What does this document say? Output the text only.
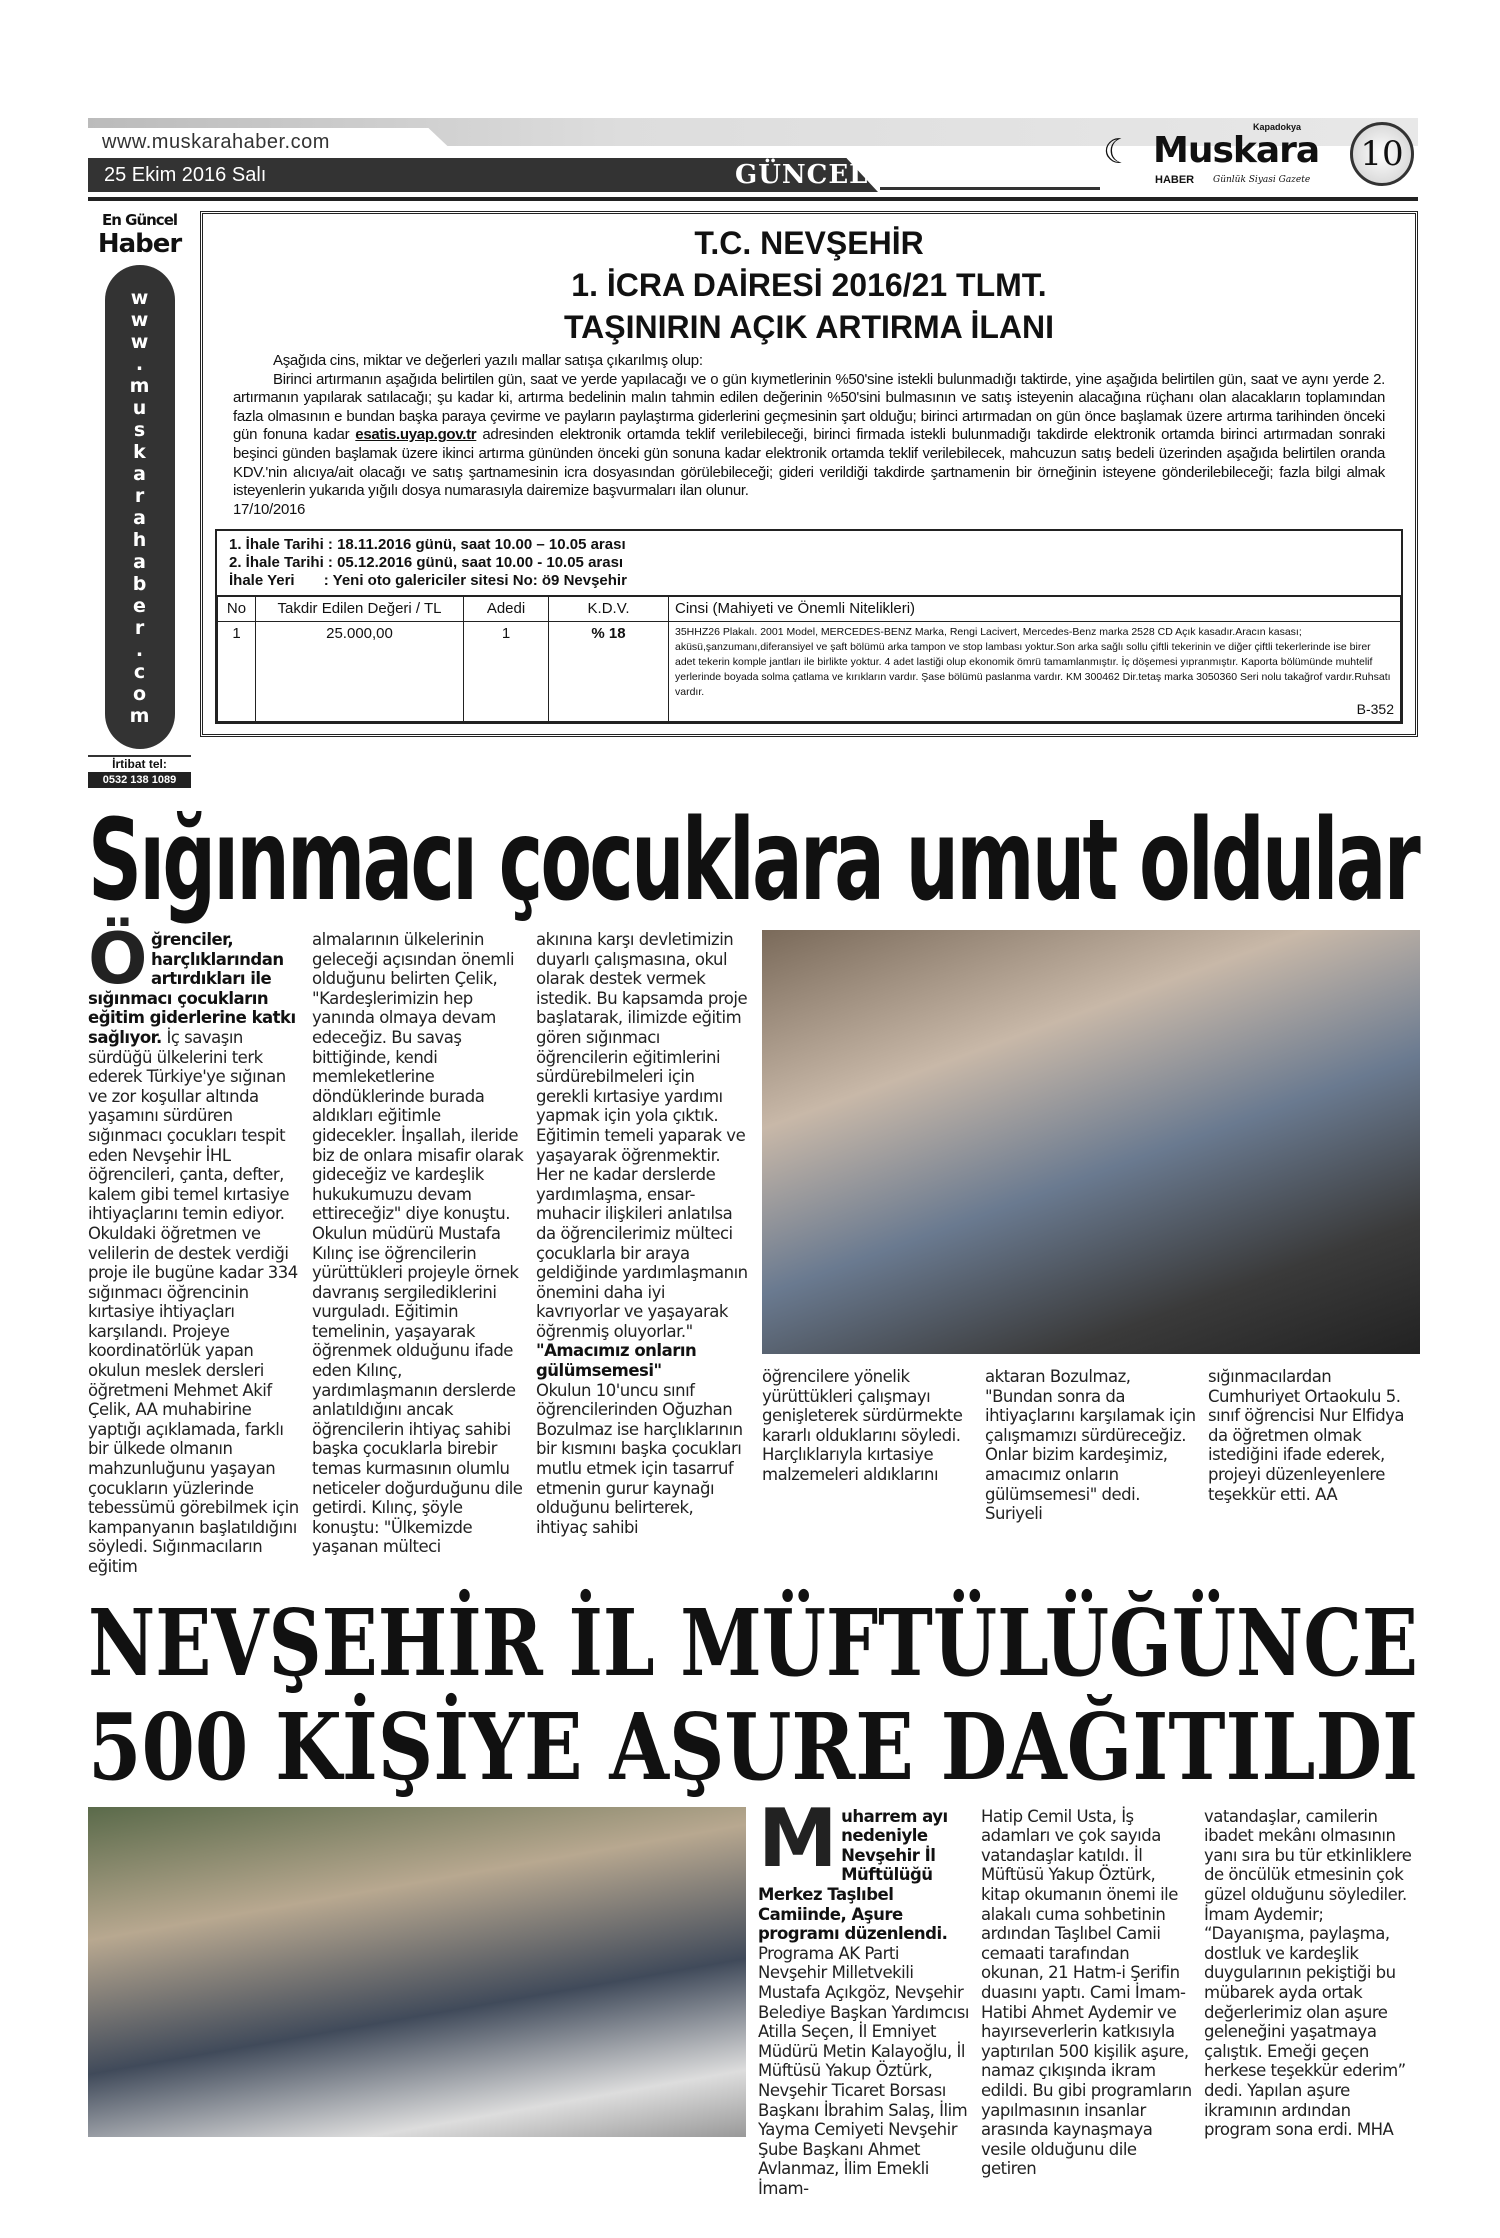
www.muskarahaber.com
25 Ekim 2016 Salı	GÜNCEL
☾
Kapadokya
Muskara
HABER Günlük Siyasi Gazete
10
En Güncel
Haber
www.muskarahaber.com
İrtibat tel:
0532 138 1089
T.C. NEVŞEHİR
1. İCRA DAİRESİ 2016/21 TLMT.
TAŞINIRIN AÇIK ARTIRMA İLANI

Aşağıda cins, miktar ve değerleri yazılı mallar satışa çıkarılmış olup:

Birinci artırmanın aşağıda belirtilen gün, saat ve yerde yapılacağı ve o gün kıymetlerinin %50'sine istekli bulunmadığı taktirde, yine aşağıda belirtilen gün, saat ve aynı yerde 2. artırmanın yapılarak satılacağı; şu kadar ki, artırma bedelinin malın tahmin edilen değerinin %50'sini bulmasının ve satış isteyenin alacağına rüçhanı olan alacakların toplamından fazla olmasının e bundan başka paraya çevirme ve payların paylaştırma giderlerini geçmesinin şart olduğu; birinci artırmadan on gün önce başlamak üzere artırma tarihinden önceki gün fonuna kadar esatis.uyap.gov.tr adresinden elektronik ortamda teklif verilebileceği, birinci firmada istekli bulunmadığı takdirde elektronik ortamda birinci artırmadan sonraki beşinci günden başlamak üzere ikinci artırma gününden önceki gün sonuna kadar elektronik ortamda teklif verilebilecek, mahcuzun satış bedeli üzerinden aşağıda belirtilen oranda KDV.'nin alıcıya/ait olacağı ve satış şartnamesinin icra dosyasından görülebileceği; gideri verildiği takdirde şartnamenin bir örneğinin isteyene gönderilebileceği; fazla bilgi almak isteyenlerin yukarıda yığılı dosya numarasıyla dairemize başvurmaları ilan olunur.

17/10/2016
1. İhale Tarihi : 18.11.2016 günü, saat 10.00 – 10.05 arası
2. İhale Tarihi : 05.12.2016 günü, saat 10.00 - 10.05 arası
İhale Yeri       : Yeni oto galericiler sitesi No: ö9 Nevşehir
No	Takdir Edilen Değeri / TL	Adedi	K.D.V.	Cinsi (Mahiyeti ve Önemli Nitelikleri)
1	25.000,00	1	% 18	35HHZ26 Plakalı. 2001 Model, MERCEDES-BENZ Marka, Rengi Lacivert, Mercedes-Benz marka 2528 CD Açık kasadır.Aracın kasası; aküsü,şanzumanı,diferansiyel ve şaft bölümü arka tampon ve stop lambası yoktur.Son arka sağlı sollu çiftli tekerinin ve diğer çiftli tekerlerinde ise birer adet tekerin komple jantları ile birlikte yoktur. 4 adet lastiği olup ekonomik ömrü tamamlanmıştır. İç döşemesi yıpranmıştır. Kaporta bölümünde muhtelif yerlerinde boyada solma çatlama ve kırıkların vardır. Şase bölümü paslanma vardır. KM 300462 Dir.tetaş marka 3050360 Seri nolu takağrof vardır.Ruhsatı vardır.
B-352
Sığınmacı çocuklara umut oldular
Öğrenciler, harçlıklarından artırdıkları ile sığınmacı çocukların eğitim giderlerine katkı sağlıyor. İç savaşın sürdüğü ülkelerini terk ederek Türkiye'ye sığınan ve zor koşullar altında yaşamını sürdüren sığınmacı çocukları tespit eden Nevşehir İHL öğrencileri, çanta, defter, kalem gibi temel kırtasiye ihtiyaçlarını temin ediyor. Okuldaki öğretmen ve velilerin de destek verdiği proje ile bugüne kadar 334 sığınmacı öğrencinin kırtasiye ihtiyaçları karşılandı. Projeye koordinatörlük yapan okulun meslek dersleri öğretmeni Mehmet Akif Çelik, AA muhabirine yaptığı açıklamada, farklı bir ülkede olmanın mahzunluğunu yaşayan çocukların yüzlerinde tebessümü görebilmek için kampanyanın başlatıldığını söyledi. Sığınmacıların eğitim
almalarının ülkelerinin geleceği açısından önemli olduğunu belirten Çelik, "Kardeşlerimizin hep yanında olmaya devam edeceğiz. Bu savaş bittiğinde, kendi memleketlerine döndüklerinde burada aldıkları eğitimle gidecekler. İnşallah, ileride biz de onlara misafir olarak gideceğiz ve kardeşlik hukukumuzu devam ettireceğiz" diye konuştu. Okulun müdürü Mustafa Kılınç ise öğrencilerin yürüttükleri projeyle örnek davranış sergilediklerini vurguladı. Eğitimin temelinin, yaşayarak öğrenmek olduğunu ifade eden Kılınç, yardımlaşmanın derslerde anlatıldığını ancak öğrencilerin ihtiyaç sahibi başka çocuklarla birebir temas kurmasının olumlu neticeler doğurduğunu dile getirdi. Kılınç, şöyle konuştu: "Ülkemizde yaşanan mülteci
akınına karşı devletimizin duyarlı çalışmasına, okul olarak destek vermek istedik. Bu kapsamda proje başlatarak, ilimizde eğitim gören sığınmacı öğrencilerin eğitimlerini sürdürebilmeleri için gerekli kırtasiye yardımı yapmak için yola çıktık. Eğitimin temeli yaparak ve yaşayarak öğrenmektir. Her ne kadar derslerde yardımlaşma, ensar-muhacir ilişkileri anlatılsa da öğrencilerimiz mülteci çocuklarla bir araya geldiğinde yardımlaşmanın önemini daha iyi kavrıyorlar ve yaşayarak öğrenmiş oluyorlar."
"Amacımız onların gülümsemesi"
Okulun 10'uncu sınıf öğrencilerinden Oğuzhan Bozulmaz ise harçlıklarının bir kısmını başka çocukları mutlu etmek için tasarruf etmenin gurur kaynağı olduğunu belirterek, ihtiyaç sahibi
öğrencilere yönelik yürüttükleri çalışmayı genişleterek sürdürmekte kararlı olduklarını söyledi. Harçlıklarıyla kırtasiye malzemeleri aldıklarını
aktaran Bozulmaz, "Bundan sonra da ihtiyaçlarını karşılamak için çalışmamızı sürdüreceğiz. Onlar bizim kardeşimiz, amacımız onların gülümsemesi" dedi. Suriyeli
sığınmacılardan Cumhuriyet Ortaokulu 5. sınıf öğrencisi Nur Elfidya da öğretmen olmak istediğini ifade ederek, projeyi düzenleyenlere teşekkür etti. AA
NEVŞEHİR İL MÜFTÜLÜĞÜNCE
500 KİŞİYE AŞURE DAĞITILDI
Muharrem ayı nedeniyle Nevşehir İl Müftülüğü Merkez Taşlıbel Camiinde, Aşure programı düzenlendi. Programa AK Parti Nevşehir Milletvekili Mustafa Açıkgöz, Nevşehir Belediye Başkan Yardımcısı Atilla Seçen, İl Emniyet Müdürü Metin Kalayoğlu, İl Müftüsü Yakup Öztürk, Nevşehir Ticaret Borsası Başkanı İbrahim Salaş, İlim Yayma Cemiyeti Nevşehir Şube Başkanı Ahmet Avlanmaz, İlim Emekli İmam-
Hatip Cemil Usta, İş adamları ve çok sayıda vatandaşlar katıldı. İl Müftüsü Yakup Öztürk, kitap okumanın önemi ile alakalı cuma sohbetinin ardından Taşlıbel Camii cemaati tarafından okunan, 21 Hatm-i Şerifin duasını yaptı. Cami İmam-Hatibi Ahmet Aydemir ve hayırseverlerin katkısıyla yaptırılan 500 kişilik aşure, namaz çıkışında ikram edildi. Bu gibi programların yapılmasının insanlar arasında kaynaşmaya vesile olduğunu dile getiren
vatandaşlar, camilerin ibadet mekânı olmasının yanı sıra bu tür etkinliklere de öncülük etmesinin çok güzel olduğunu söylediler. İmam Aydemir; “Dayanışma, paylaşma, dostluk ve kardeşlik duygularının pekiştiği bu mübarek ayda ortak değerlerimiz olan aşure geleneğini yaşatmaya çalıştık. Emeği geçen herkese teşekkür ederim” dedi. Yapılan aşure ikramının ardından program sona erdi. MHA
